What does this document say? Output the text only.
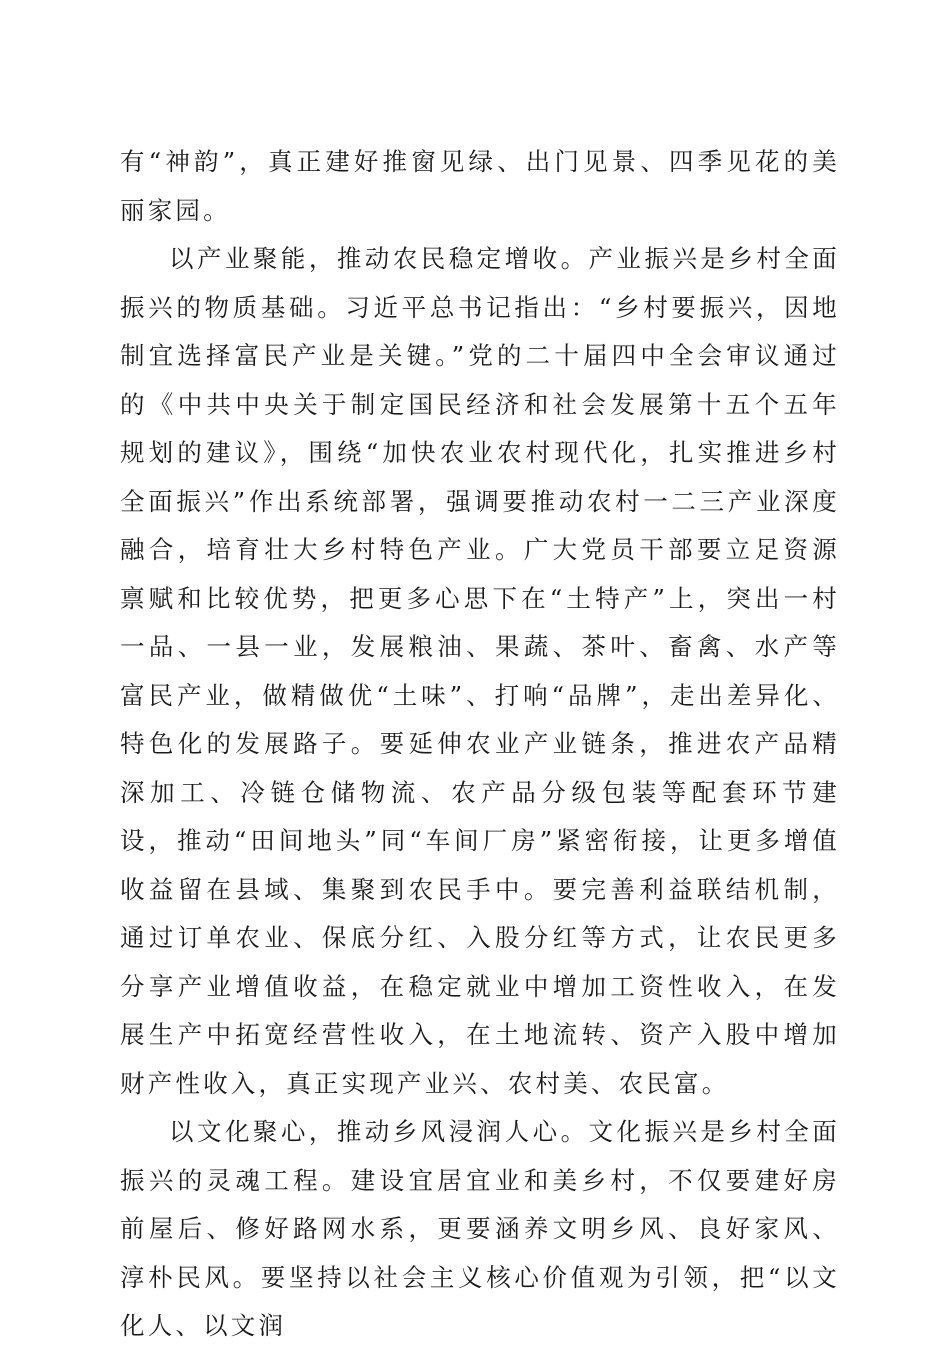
有“神韵”，真正建好推窗见绿、出门见景、四季见花的美丽家园。

以产业聚能，推动农民稳定增收。产业振兴是乡村全面振兴的物质基础。习近平总书记指出：“乡村要振兴，因地制宜选择富民产业是关键。”党的二十届四中全会审议通过的《中共中央关于制定国民经济和社会发展第十五个五年规划的建议》，围绕“加快农业农村现代化，扎实推进乡村全面振兴”作出系统部署，强调要推动农村一二三产业深度融合，培育壮大乡村特色产业。广大党员干部要立足资源禀赋和比较优势，把更多心思下在“土特产”上，突出一村一品、一县一业，发展粮油、果蔬、茶叶、畜禽、水产等富民产业，做精做优“土味”、打响“品牌”，走出差异化、特色化的发展路子。要延伸农业产业链条，推进农产品精深加工、冷链仓储物流、农产品分级包装等配套环节建设，推动“田间地头”同“车间厂房”紧密衔接，让更多增值收益留在县域、集聚到农民手中。要完善利益联结机制，通过订单农业、保底分红、入股分红等方式，让农民更多分享产业增值收益，在稳定就业中增加工资性收入，在发展生产中拓宽经营性收入，在土地流转、资产入股中增加财产性收入，真正实现产业兴、农村美、农民富。

以文化聚心，推动乡风浸润人心。文化振兴是乡村全面振兴的灵魂工程。建设宜居宜业和美乡村，不仅要建好房前屋后、修好路网水系，更要涵养文明乡风、良好家风、淳朴民风。要坚持以社会主义核心价值观为引领，把“以文化人、以文润
